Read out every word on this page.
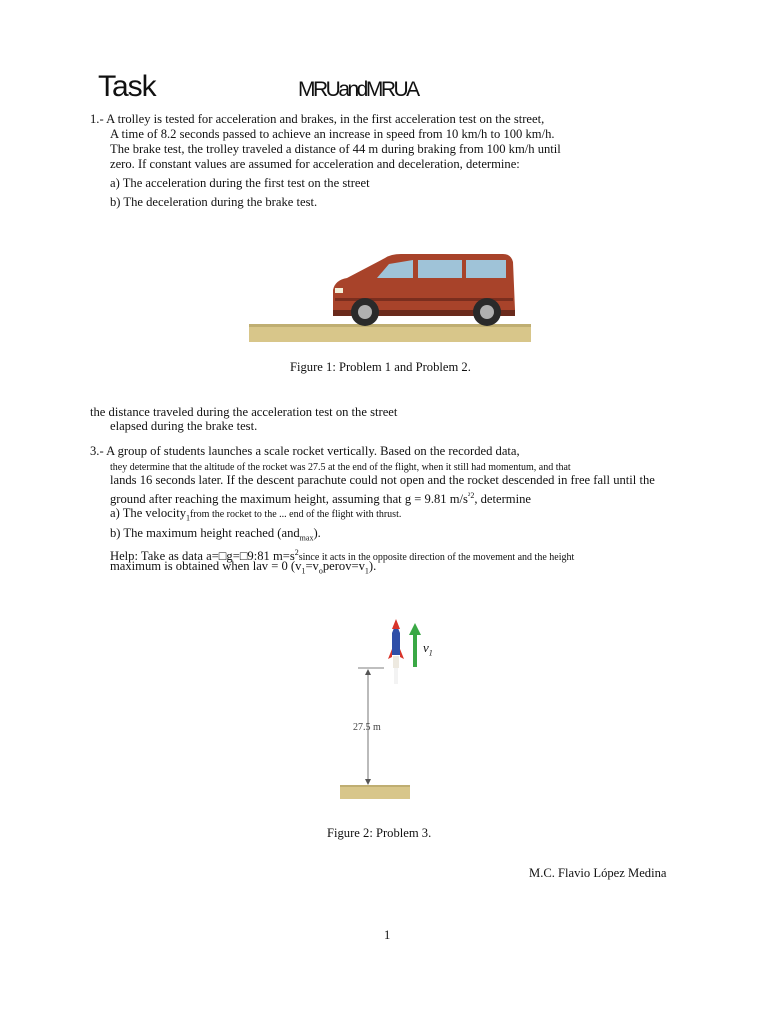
Task	MRUandMRUA
1.- A trolley is tested for acceleration and brakes, in the first acceleration test on the street,
A time of 8.2 seconds passed to achieve an increase in speed from 10 km/h to 100 km/h.
The brake test, the trolley traveled a distance of 44 m during braking from 100 km/h until
zero. If constant values are assumed for acceleration and deceleration, determine:
a) The acceleration during the first test on the street
b) The deceleration during the brake test.
Figure 1: Problem 1 and Problem 2.
the distance traveled during the acceleration test on the street
elapsed during the brake test.
3.- A group of students launches a scale rocket vertically. Based on the recorded data,
they determine that the altitude of the rocket was 27.5 at the end of the flight, when it still had momentum, and that
lands 16 seconds later. If the descent parachute could not open and the rocket descended in free fall until the
ground after reaching the maximum height, assuming that g = 9.81 $m/s^{^22}$, determine
a) The velocity$_1$from the rocket to the ... end of the flight with thrust.
b) The maximum height reached (and$_{max}$).
Help: Take as data a=□g=□9:81 $m=s^2since$ it acts in the opposite direction of the movement and the height
maximum is obtained when lav = 0 $(v_1=v_operov=v_1)$.
$v_1$
27.5 m
Figure 2: Problem 3.
M.C. Flavio López Medina
1
